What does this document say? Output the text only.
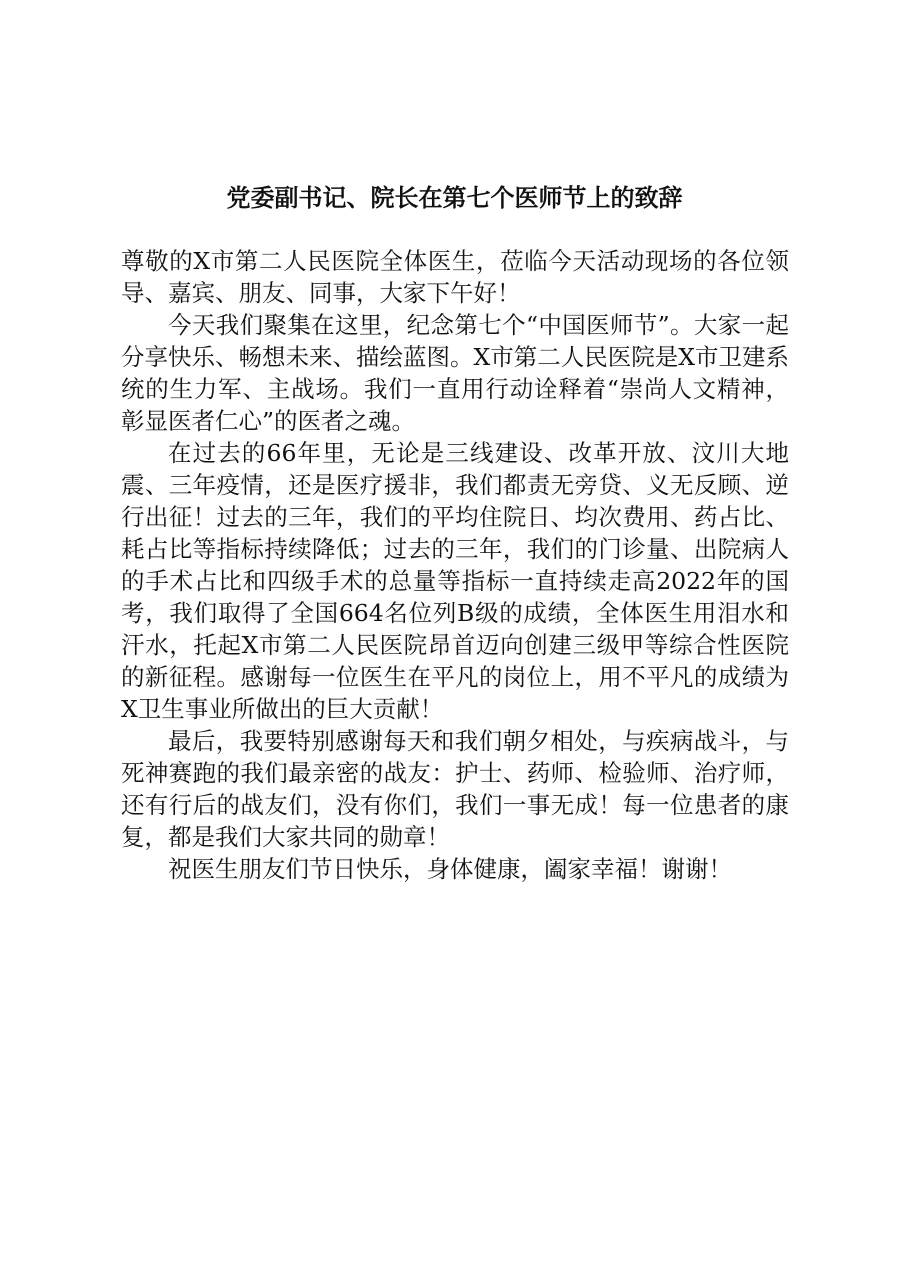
党委副书记、院长在第七个医师节上的致辞

尊敬的X市第二人民医院全体医生，莅临今天活动现场的各位领导、嘉宾、朋友、同事，大家下午好！

今天我们聚集在这里，纪念第七个“中国医师节”。大家一起分享快乐、畅想未来、描绘蓝图。X市第二人民医院是X市卫建系统的生力军、主战场。我们一直用行动诠释着“崇尚人文精神，彰显医者仁心”的医者之魂。

在过去的66年里，无论是三线建设、改革开放、汶川大地震、三年疫情，还是医疗援非，我们都责无旁贷、义无反顾、逆行出征！过去的三年，我们的平均住院日、均次费用、药占比、耗占比等指标持续降低；过去的三年，我们的门诊量、出院病人的手术占比和四级手术的总量等指标一直持续走高2022年的国考，我们取得了全国664名位列B级的成绩，全体医生用泪水和汗水，托起X市第二人民医院昂首迈向创建三级甲等综合性医院的新征程。感谢每一位医生在平凡的岗位上，用不平凡的成绩为X卫生事业所做出的巨大贡献！

最后，我要特别感谢每天和我们朝夕相处，与疾病战斗，与死神赛跑的我们最亲密的战友：护士、药师、检验师、治疗师，还有行后的战友们，没有你们，我们一事无成！每一位患者的康复，都是我们大家共同的勋章！

祝医生朋友们节日快乐，身体健康，阖家幸福！谢谢！
